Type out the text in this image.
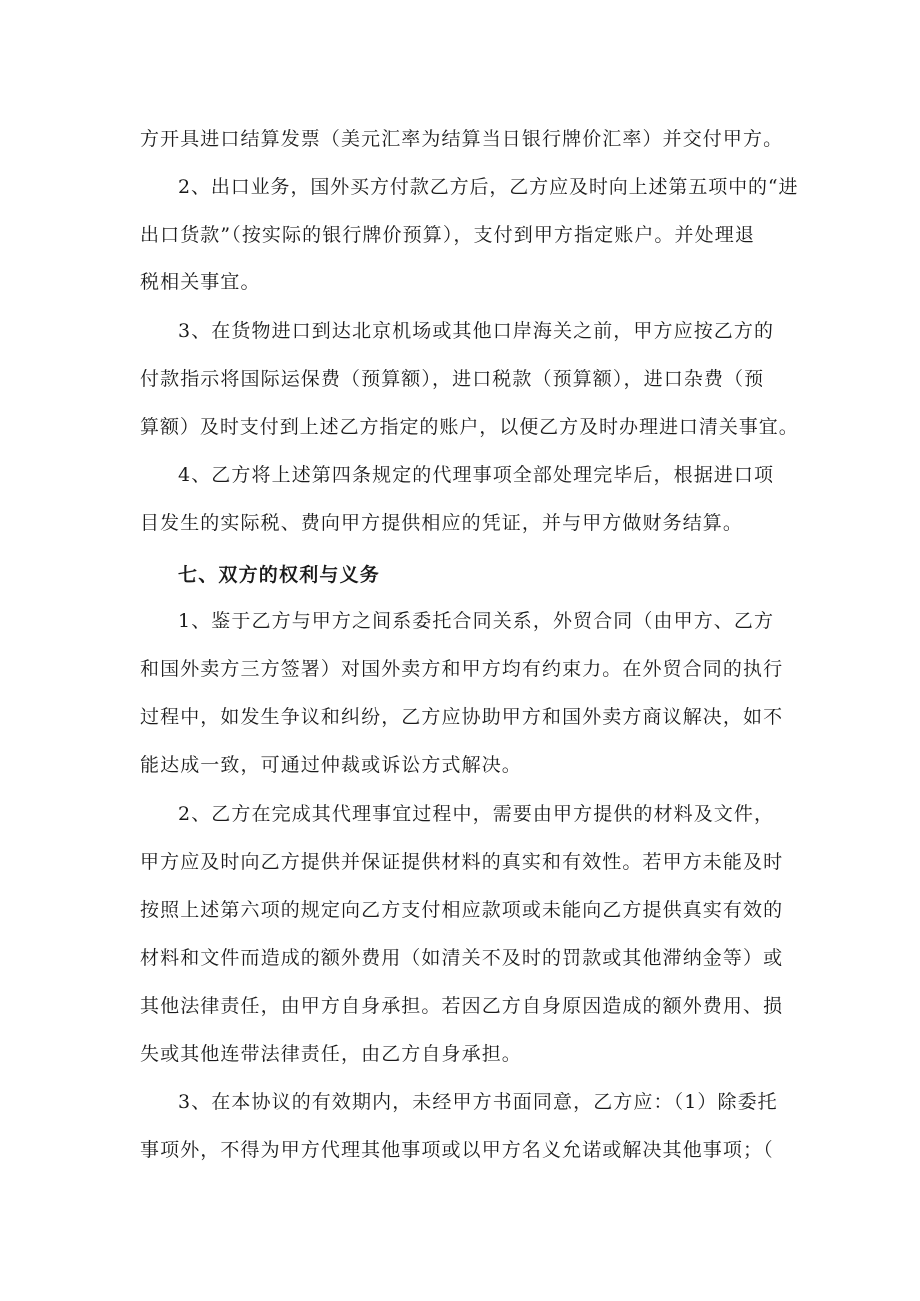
方开具进口结算发票（美元汇率为结算当日银行牌价汇率）并交付甲方。
2、出口业务，国外买方付款乙方后，乙方应及时向上述第五项中的“进
出口货款”（按实际的银行牌价预算），支付到甲方指定账户。并处理退
税相关事宜。
3、在货物进口到达北京机场或其他口岸海关之前，甲方应按乙方的
付款指示将国际运保费（预算额），进口税款（预算额），进口杂费（预
算额）及时支付到上述乙方指定的账户，以便乙方及时办理进口清关事宜。
4、乙方将上述第四条规定的代理事项全部处理完毕后，根据进口项
目发生的实际税、费向甲方提供相应的凭证，并与甲方做财务结算。
七、双方的权利与义务
1、鉴于乙方与甲方之间系委托合同关系，外贸合同（由甲方、乙方
和国外卖方三方签署）对国外卖方和甲方均有约束力。在外贸合同的执行
过程中，如发生争议和纠纷，乙方应协助甲方和国外卖方商议解决，如不
能达成一致，可通过仲裁或诉讼方式解决。
2、乙方在完成其代理事宜过程中，需要由甲方提供的材料及文件，
甲方应及时向乙方提供并保证提供材料的真实和有效性。若甲方未能及时
按照上述第六项的规定向乙方支付相应款项或未能向乙方提供真实有效的
材料和文件而造成的额外费用（如清关不及时的罚款或其他滞纳金等）或
其他法律责任，由甲方自身承担。若因乙方自身原因造成的额外费用、损
失或其他连带法律责任，由乙方自身承担。
3、在本协议的有效期内，未经甲方书面同意，乙方应：（1）除委托
事项外，不得为甲方代理其他事项或以甲方名义允诺或解决其他事项；（
